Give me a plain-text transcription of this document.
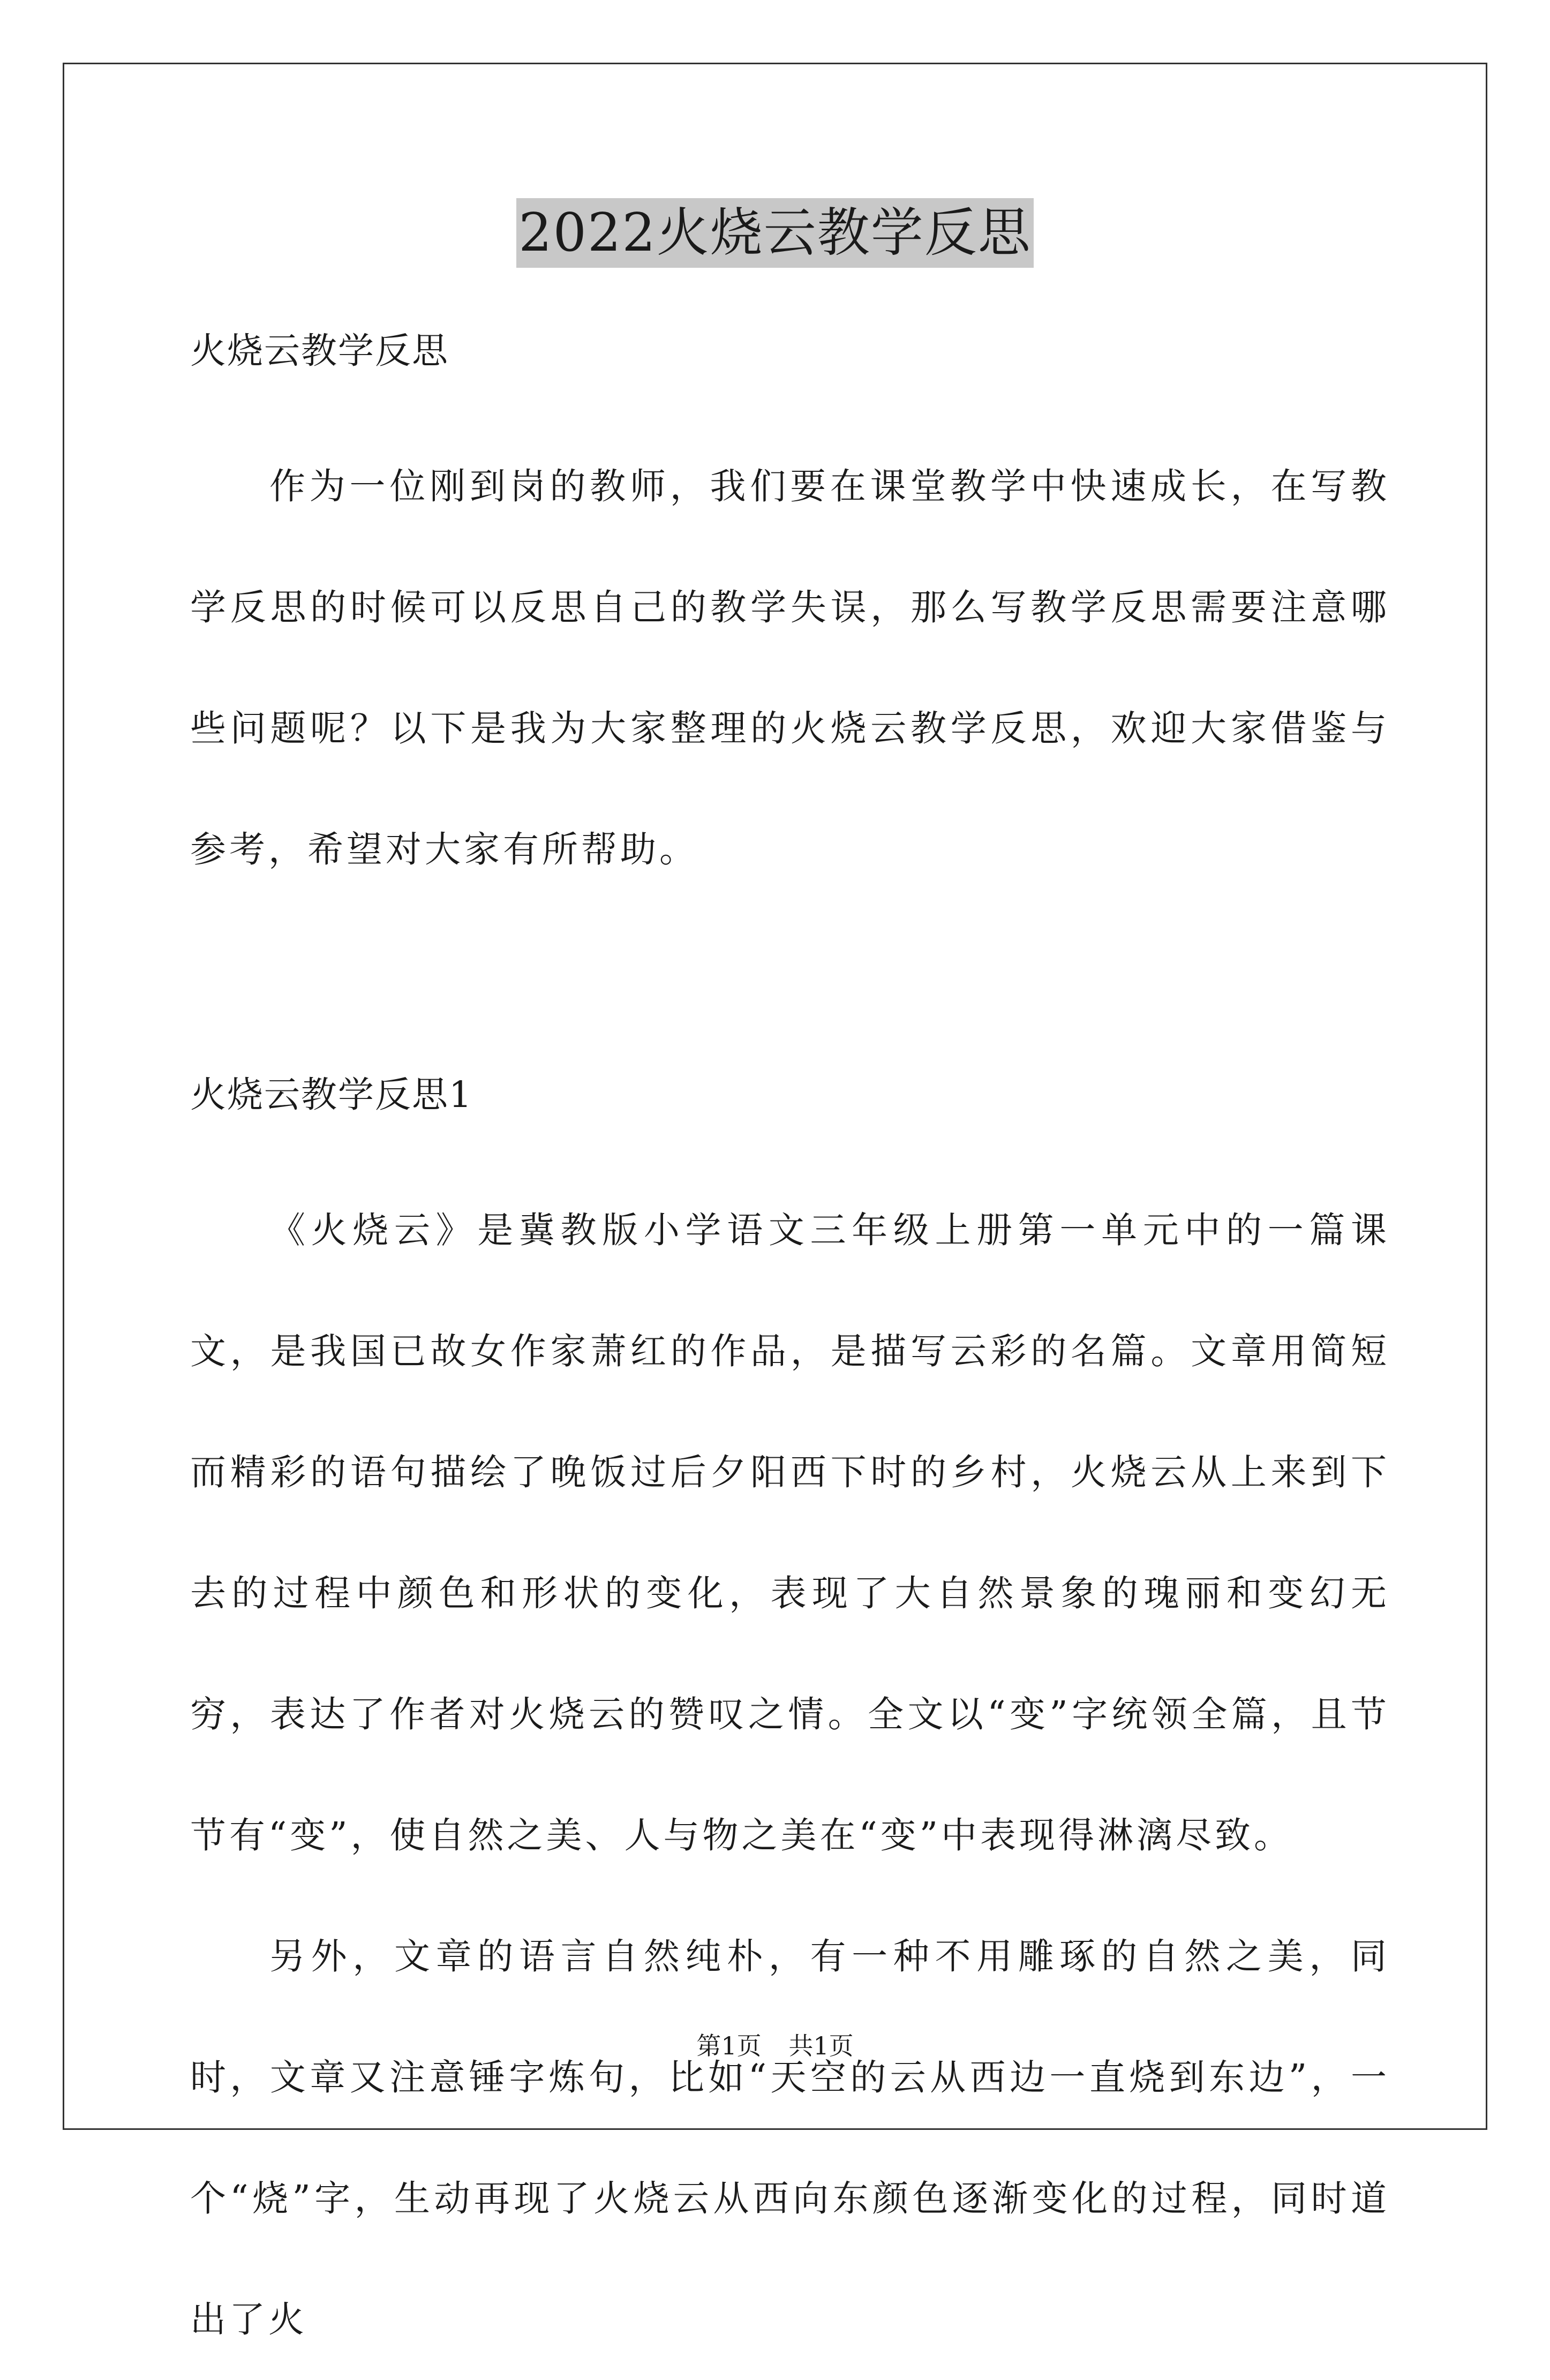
2022火烧云教学反思

火烧云教学反思

作为一位刚到岗的教师，我们要在课堂教学中快速成长，在写教学反思的时候可以反思自己的教学失误，那么写教学反思需要注意哪些问题呢？以下是我为大家整理的火烧云教学反思，欢迎大家借鉴与参考，希望对大家有所帮助。

火烧云教学反思1

《火烧云》是冀教版小学语文三年级上册第一单元中的一篇课文，是我国已故女作家萧红的作品，是描写云彩的名篇。文章用简短而精彩的语句描绘了晚饭过后夕阳西下时的乡村，火烧云从上来到下去的过程中颜色和形状的变化，表现了大自然景象的瑰丽和变幻无穷，表达了作者对火烧云的赞叹之情。全文以“变”字统领全篇，且节节有“变”，使自然之美、人与物之美在“变”中表现得淋漓尽致。

另外，文章的语言自然纯朴，有一种不用雕琢的自然之美，同时，文章又注意锤字炼句，比如“天空的云从西边一直烧到东边”，一个“烧”字，生动再现了火烧云从西向东颜色逐渐变化的过程，同时道出了火

第1页 共1页
